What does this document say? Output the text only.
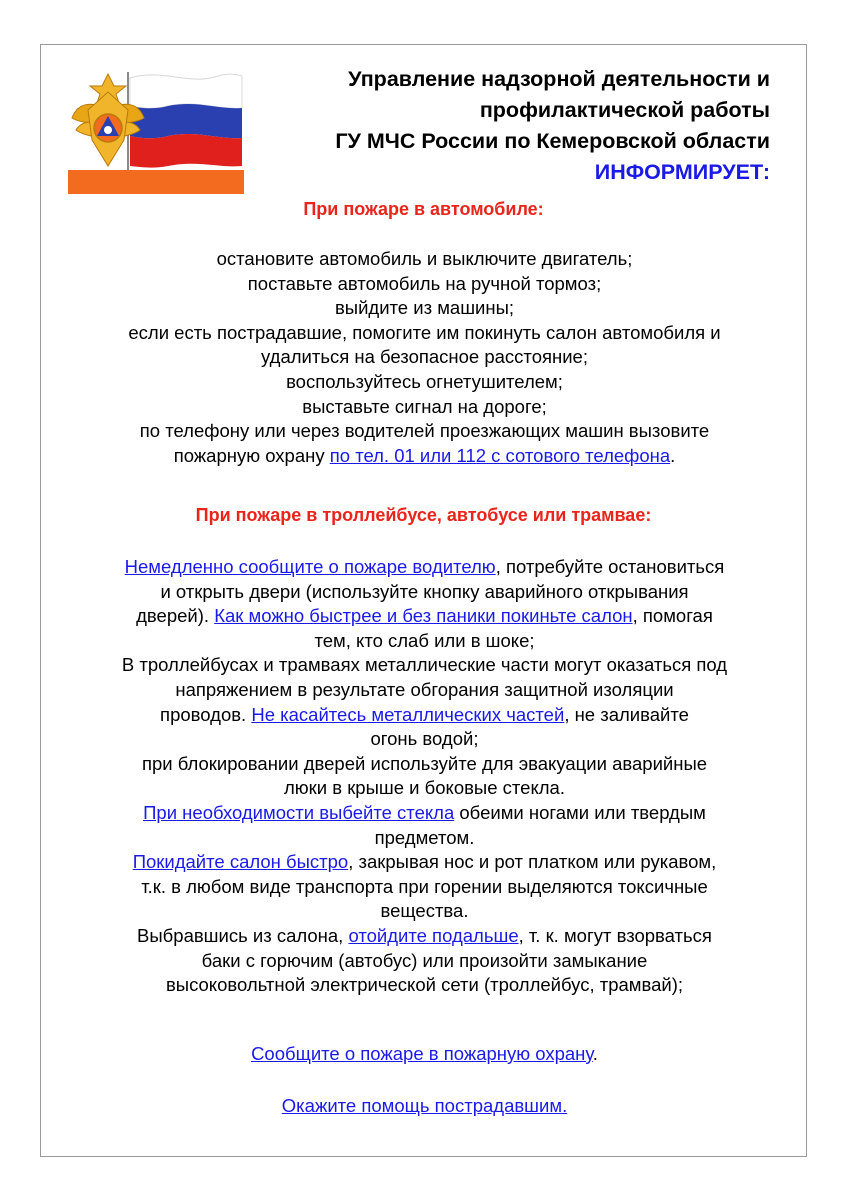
Управление надзорной деятельности и
профилактической работы
ГУ МЧС России по Кемеровской области
ИНФОРМИРУЕТ:
При пожаре в автомобиле:

остановите автомобиль и выключите двигатель;

поставьте автомобиль на ручной тормоз;

выйдите из машины;

если есть пострадавшие, помогите им покинуть салон автомобиля и

удалиться на безопасное расстояние;

воспользуйтесь огнетушителем;

выставьте сигнал на дороге;

по телефону или через водителей проезжающих машин вызовите

пожарную охрану по тел. 01 или 112 с сотового телефона.

При пожаре в троллейбусе, автобусе или трамвае:

Немедленно сообщите о пожаре водителю, потребуйте остановиться

и открыть двери (используйте кнопку аварийного открывания

дверей). Как можно быстрее и без паники покиньте салон, помогая

тем, кто слаб или в шоке;

В троллейбусах и трамваях металлические части могут оказаться под

напряжением в результате обгорания защитной изоляции

проводов. Не касайтесь металлических частей, не заливайте

огонь водой;

при блокировании дверей используйте для эвакуации аварийные

люки в крыше и боковые стекла.

При необходимости выбейте стекла обеими ногами или твердым

предметом.

Покидайте салон быстро, закрывая нос и рот платком или рукавом,

т.к. в любом виде транспорта при горении выделяются токсичные

вещества.

Выбравшись из салона, отойдите подальше, т. к. могут взорваться

баки с горючим (автобус) или произойти замыкание

высоковольтной электрической сети (троллейбус, трамвай);

Сообщите о пожаре в пожарную охрану.

Окажите помощь пострадавшим.
